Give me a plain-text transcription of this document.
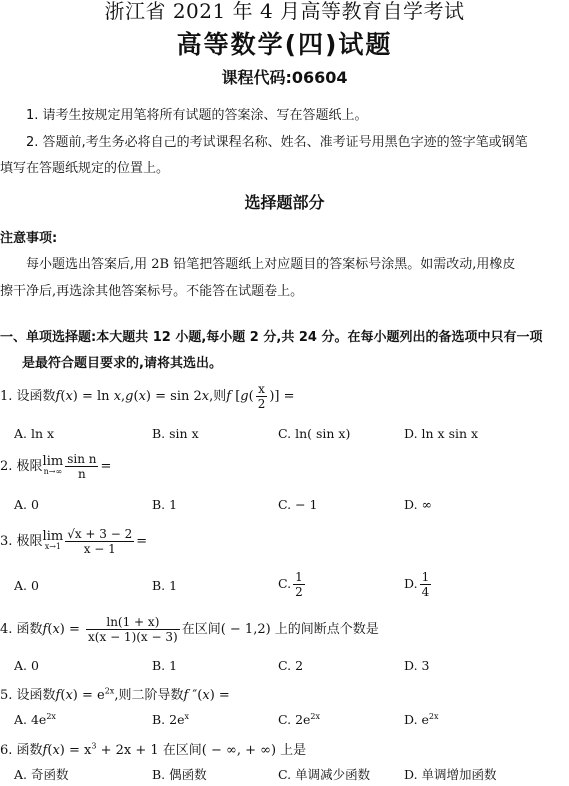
浙江省 2021 年 4 月高等教育自学考试
高等数学(四)试题
课程代码:06604
1. 请考生按规定用笔将所有试题的答案涂、写在答题纸上。
2. 答题前,考生务必将自己的考试课程名称、姓名、准考证号用黑色字迹的签字笔或钢笔
填写在答题纸规定的位置上。
选择题部分
注意事项:
每小题选出答案后,用 2B 铅笔把答题纸上对应题目的答案标号涂黑。如需改动,用橡皮
擦干净后,再选涂其他答案标号。不能答在试题卷上。
一、单项选择题:本大题共 12 小题,每小题 2 分,共 24 分。在每小题列出的备选项中只有一项
是最符合题目要求的,请将其选出。
1. 设函数f(x) = ln x,g(x) = sin 2x,则f [$g( \frac{x}{2}$ )] =
A. ln x	B. sin x	C. ln( sin x)	D. ln x sin x
2. 极限lim
$n\to\infty \frac{\text{sin n}}{n}$ =
A. 0	B. 1	C. − 1	D. ∞
3. 极限lim
$x\to 1 \frac{√x + 3 - 2}{x - 1}$ =
A. 0	B. 1	C. $\frac{1}{2}$	D. $\frac{1}{4}$
4. 函数$f(x) = \frac{\ln(1 + x)}{x(x - 1)(x - 3)}$ 在区间( − 1,2) 上的间断点个数是
A. 0	B. 1	C. 2	D. 3
5. 设函数$f(x) = e^{2x}$,则二阶导数f ″(x) =
A. $4e^{2x}$	B. $2e^x$	C. $2e^{2x}$	D. $e^{2x}$
6. 函数$f(x) = x^3 + 2x + 1$ 在区间( − ∞, + ∞) 上是
A. 奇函数	B. 偶函数	C. 单调减少函数	D. 单调增加函数
